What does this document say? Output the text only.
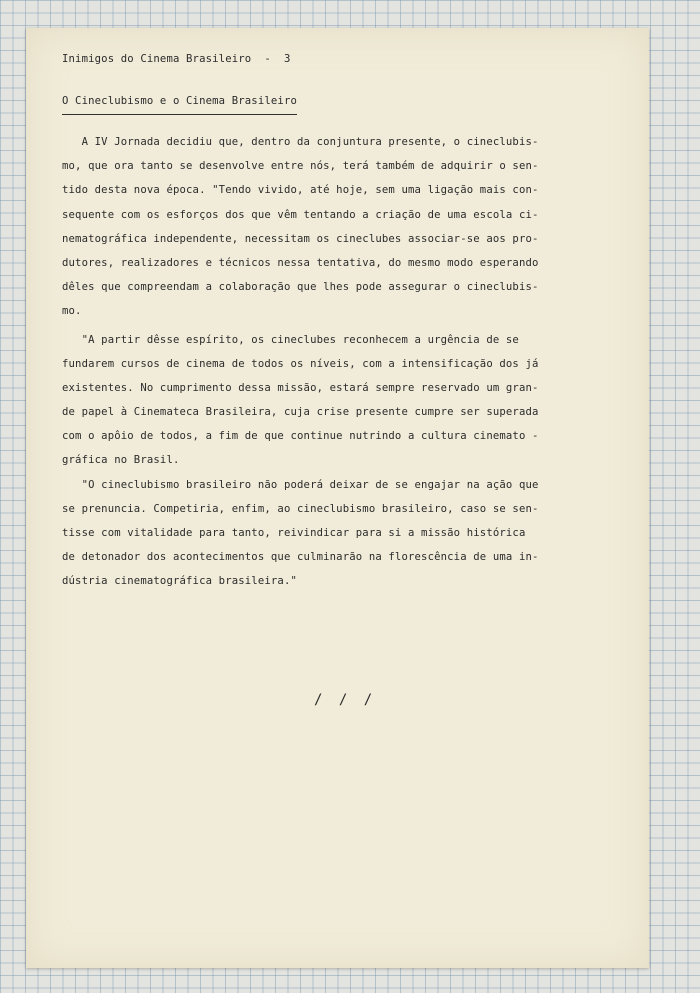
Inimigos do Cinema Brasileiro  -  3
O Cineclubismo e o Cinema Brasileiro
A IV Jornada decidiu que, dentro da conjuntura presente, o cineclubis-
mo, que ora tanto se desenvolve entre nós, terá também de adquirir o sen-
tido desta nova época. "Tendo vivido, até hoje, sem uma ligação mais con-
sequente com os esforços dos que vêm tentando a criação de uma escola ci-
nematográfica independente, necessitam os cineclubes associar-se aos pro-
dutores, realizadores e técnicos nessa tentativa, do mesmo modo esperando
dêles que compreendam a colaboração que lhes pode assegurar o cineclubis-
mo.
"A partir dêsse espírito, os cineclubes reconhecem a urgência de se
fundarem cursos de cinema de todos os níveis, com a intensificação dos já
existentes. No cumprimento dessa missão, estará sempre reservado um gran-
de papel à Cinemateca Brasileira, cuja crise presente cumpre ser superada
com o apôio de todos, a fim de que continue nutrindo a cultura cinemato -
gráfica no Brasil.
"O cineclubismo brasileiro não poderá deixar de se engajar na ação que
se prenuncia. Competiria, enfim, ao cineclubismo brasileiro, caso se sen-
tisse com vitalidade para tanto, reivindicar para si a missão histórica
de detonador dos acontecimentos que culminarão na florescência de uma in-
dústria cinematográfica brasileira."
/ / /
